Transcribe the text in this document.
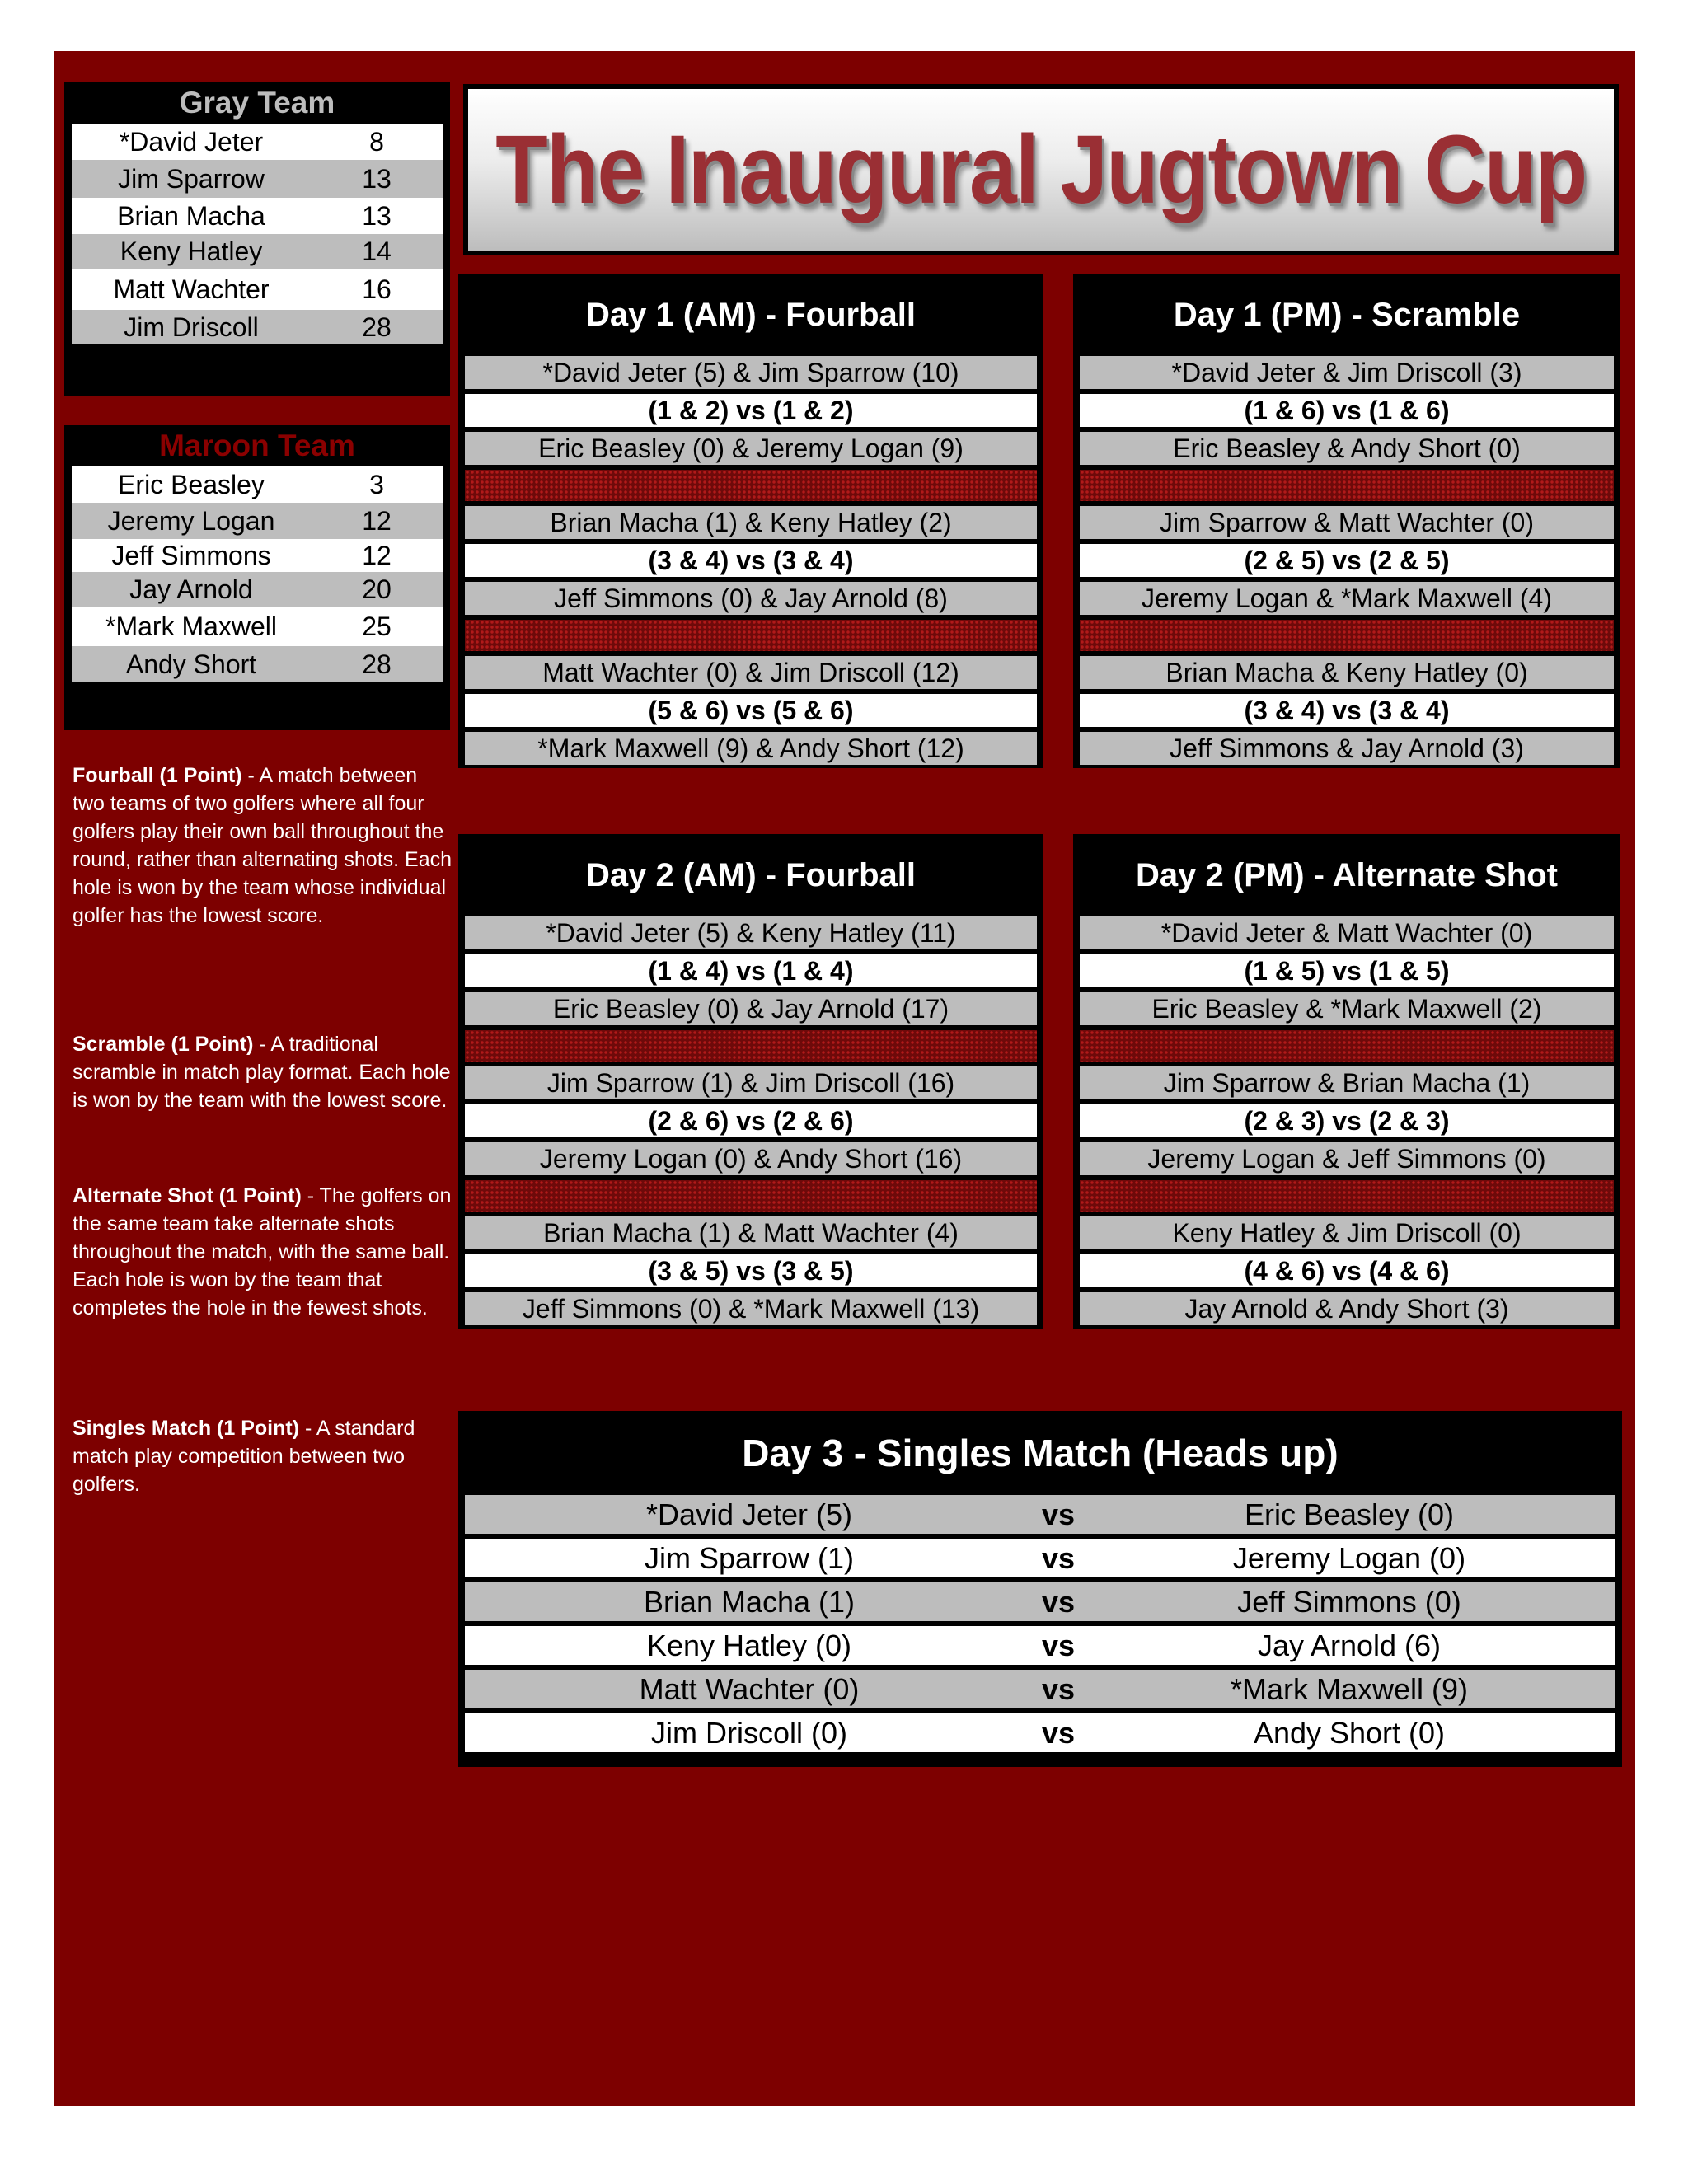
Gray Team
*David Jeter	8
Jim Sparrow	13
Brian Macha	13
Keny Hatley	14
Matt Wachter	16
Jim Driscoll	28
Maroon Team
Eric Beasley	3
Jeremy Logan	12
Jeff Simmons	12
Jay Arnold	20
*Mark Maxwell	25
Andy Short	28
The Inaugural Jugtown Cup
Day 1 (AM) - Fourball
*David Jeter (5) & Jim Sparrow (10)
(1 & 2) vs (1 & 2)
Eric Beasley (0) & Jeremy Logan (9)
Brian Macha (1) & Keny Hatley (2)
(3 & 4) vs (3 & 4)
Jeff Simmons (0) & Jay Arnold (8)
Matt Wachter (0) & Jim Driscoll (12)
(5 & 6) vs (5 & 6)
*Mark Maxwell (9) & Andy Short (12)
Day 1 (PM) - Scramble
*David Jeter & Jim Driscoll (3)
(1 & 6) vs (1 & 6)
Eric Beasley & Andy Short (0)
Jim Sparrow & Matt Wachter (0)
(2 & 5) vs (2 & 5)
Jeremy Logan & *Mark Maxwell (4)
Brian Macha & Keny Hatley (0)
(3 & 4) vs (3 & 4)
Jeff Simmons & Jay Arnold (3)
Day 2 (AM) - Fourball
*David Jeter (5) & Keny Hatley (11)
(1 & 4) vs (1 & 4)
Eric Beasley (0) & Jay Arnold (17)
Jim Sparrow (1) & Jim Driscoll (16)
(2 & 6) vs (2 & 6)
Jeremy Logan (0) & Andy Short (16)
Brian Macha (1) & Matt Wachter (4)
(3 & 5) vs (3 & 5)
Jeff Simmons (0) & *Mark Maxwell (13)
Day 2 (PM) - Alternate Shot
*David Jeter & Matt Wachter (0)
(1 & 5) vs (1 & 5)
Eric Beasley & *Mark Maxwell (2)
Jim Sparrow & Brian Macha (1)
(2 & 3) vs (2 & 3)
Jeremy Logan & Jeff Simmons (0)
Keny Hatley & Jim Driscoll (0)
(4 & 6) vs (4 & 6)
Jay Arnold & Andy Short (3)
Fourball (1 Point) - A match between two teams of two golfers where all four golfers play their own ball throughout the round, rather than alternating shots. Each hole is won by the team whose individual golfer has the lowest score.
Scramble (1 Point) - A traditional scramble in match play format. Each hole is won by the team with the lowest score.
Alternate Shot (1 Point) - The golfers on the same team take alternate shots throughout the match, with the same ball. Each hole is won by the team that completes the hole in the fewest shots.
Singles Match (1 Point) - A standard match play competition between two golfers.
Day 3 - Singles Match (Heads up)
*David Jeter (5)	vs	Eric Beasley (0)
Jim Sparrow (1)	vs	Jeremy Logan (0)
Brian Macha (1)	vs	Jeff Simmons (0)
Keny Hatley (0)	vs	Jay Arnold (6)
Matt Wachter (0)	vs	*Mark Maxwell (9)
Jim Driscoll (0)	vs	Andy Short (0)
